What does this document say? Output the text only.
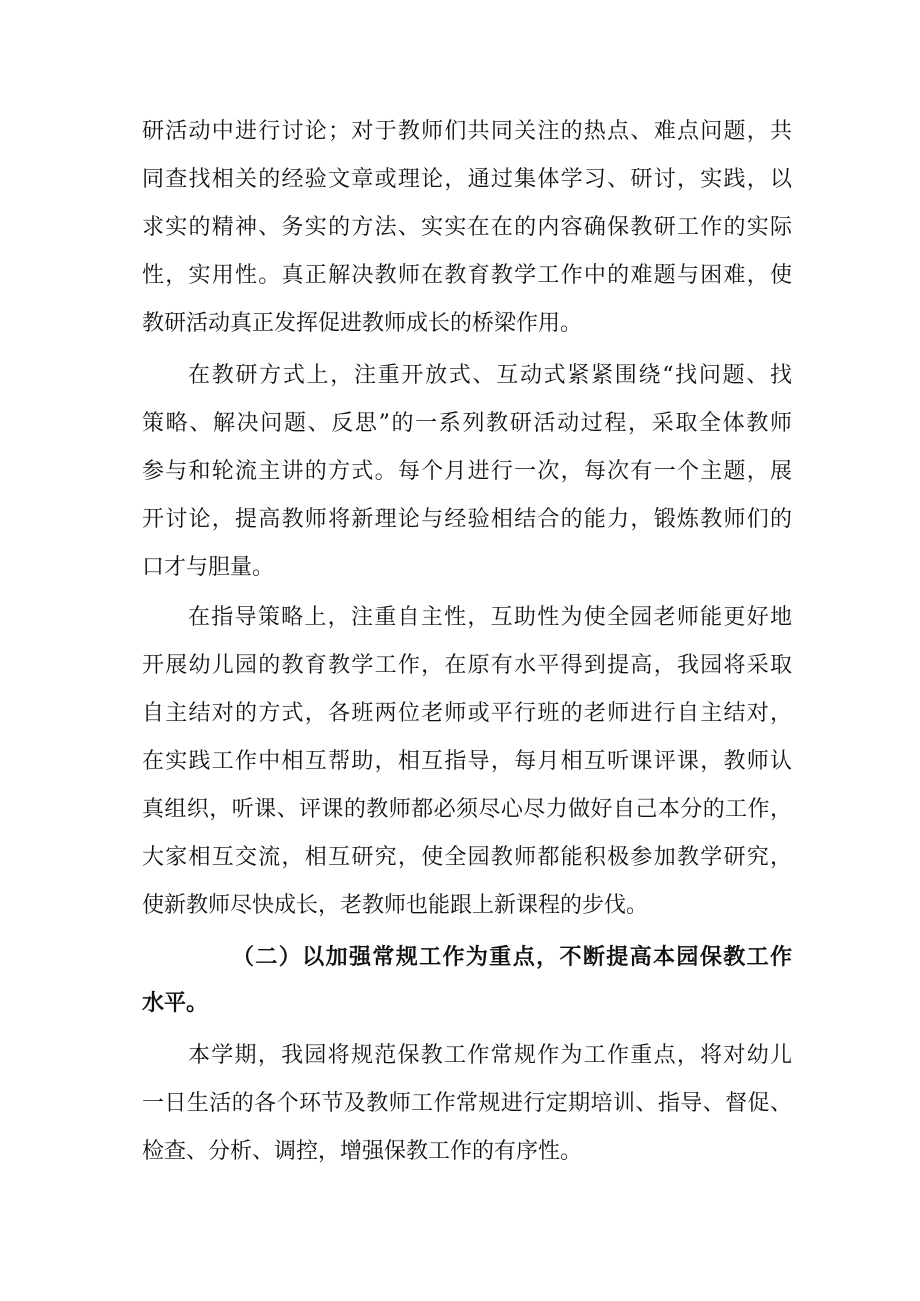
研活动中进行讨论；对于教师们共同关注的热点、难点问题，共
同查找相关的经验文章或理论，通过集体学习、研讨，实践，以
求实的精神、务实的方法、实实在在的内容确保教研工作的实际
性，实用性。真正解决教师在教育教学工作中的难题与困难，使
教研活动真正发挥促进教师成长的桥梁作用。
在教研方式上，注重开放式、互动式紧紧围绕“找问题、找
策略、解决问题、反思”的一系列教研活动过程，采取全体教师
参与和轮流主讲的方式。每个月进行一次，每次有一个主题，展
开讨论，提高教师将新理论与经验相结合的能力，锻炼教师们的
口才与胆量。
在指导策略上，注重自主性，互助性为使全园老师能更好地
开展幼儿园的教育教学工作，在原有水平得到提高，我园将采取
自主结对的方式，各班两位老师或平行班的老师进行自主结对，
在实践工作中相互帮助，相互指导，每月相互听课评课，教师认
真组织，听课、评课的教师都必须尽心尽力做好自己本分的工作，
大家相互交流，相互研究，使全园教师都能积极参加教学研究，
使新教师尽快成长，老教师也能跟上新课程的步伐。
（二）以加强常规工作为重点，不断提高本园保教工作
水平。
本学期，我园将规范保教工作常规作为工作重点，将对幼儿
一日生活的各个环节及教师工作常规进行定期培训、指导、督促、
检查、分析、调控，增强保教工作的有序性。
